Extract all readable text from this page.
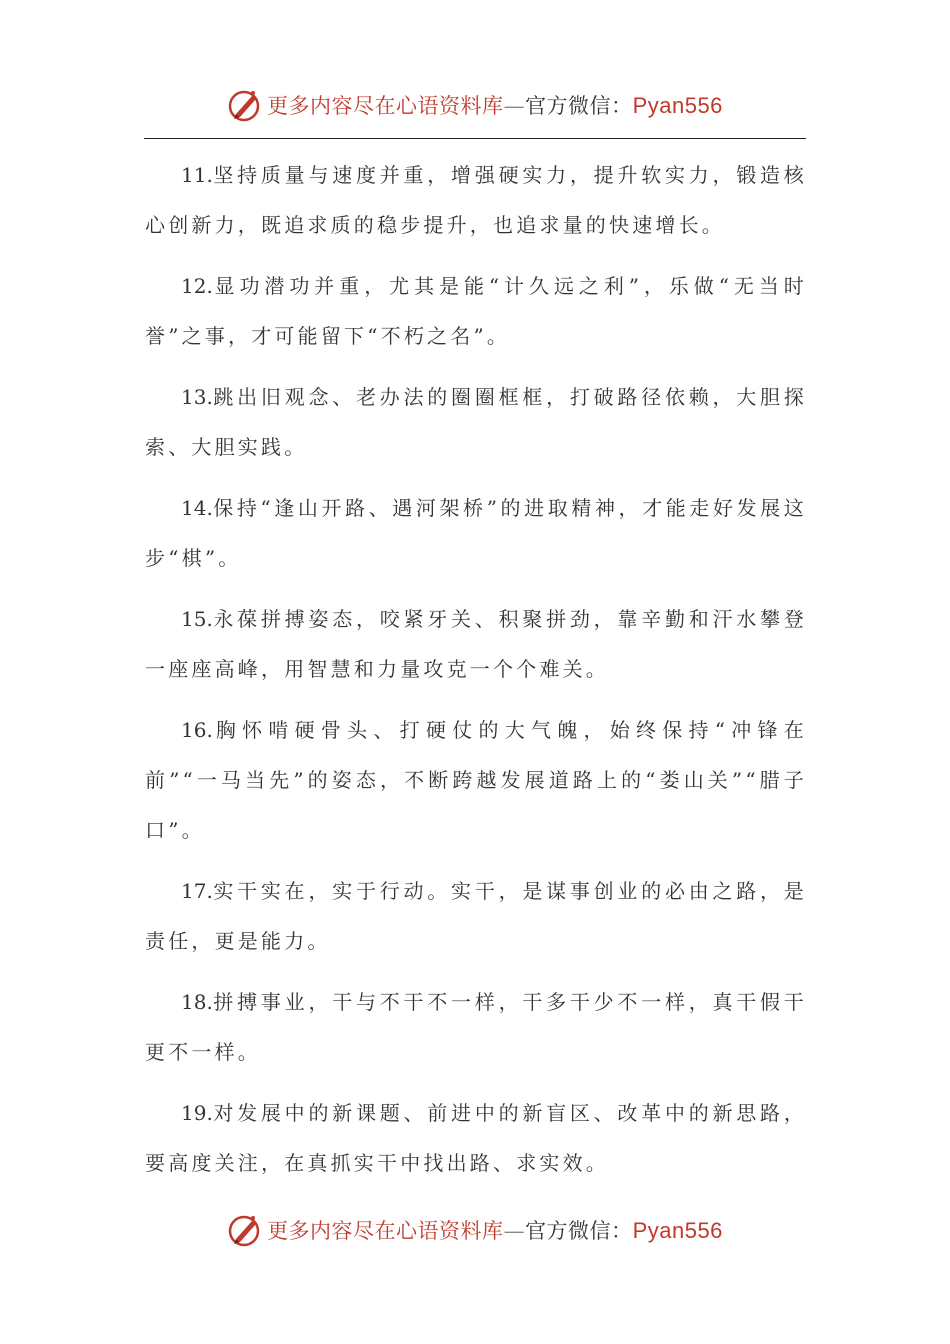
更多内容尽在心语资料库—官方微信：Pyan556

11.坚持质量与速度并重，增强硬实力，提升软实力，锻造核心创新力，既追求质的稳步提升，也追求量的快速增长。

12.显功潜功并重，尤其是能“计久远之利”，乐做“无当时誉”之事，才可能留下“不朽之名”。

13.跳出旧观念、老办法的圈圈框框，打破路径依赖，大胆探索、大胆实践。

14.保持“逢山开路、遇河架桥”的进取精神，才能走好发展这步“棋”。

15.永葆拼搏姿态，咬紧牙关、积聚拼劲，靠辛勤和汗水攀登一座座高峰，用智慧和力量攻克一个个难关。

16.胸怀啃硬骨头、打硬仗的大气魄，始终保持“冲锋在前”“一马当先”的姿态，不断跨越发展道路上的“娄山关”“腊子口”。

17.实干实在，实于行动。实干，是谋事创业的必由之路，是责任，更是能力。

18.拼搏事业，干与不干不一样，干多干少不一样，真干假干更不一样。

19.对发展中的新课题、前进中的新盲区、改革中的新思路，要高度关注，在真抓实干中找出路、求实效。

更多内容尽在心语资料库—官方微信：Pyan556
